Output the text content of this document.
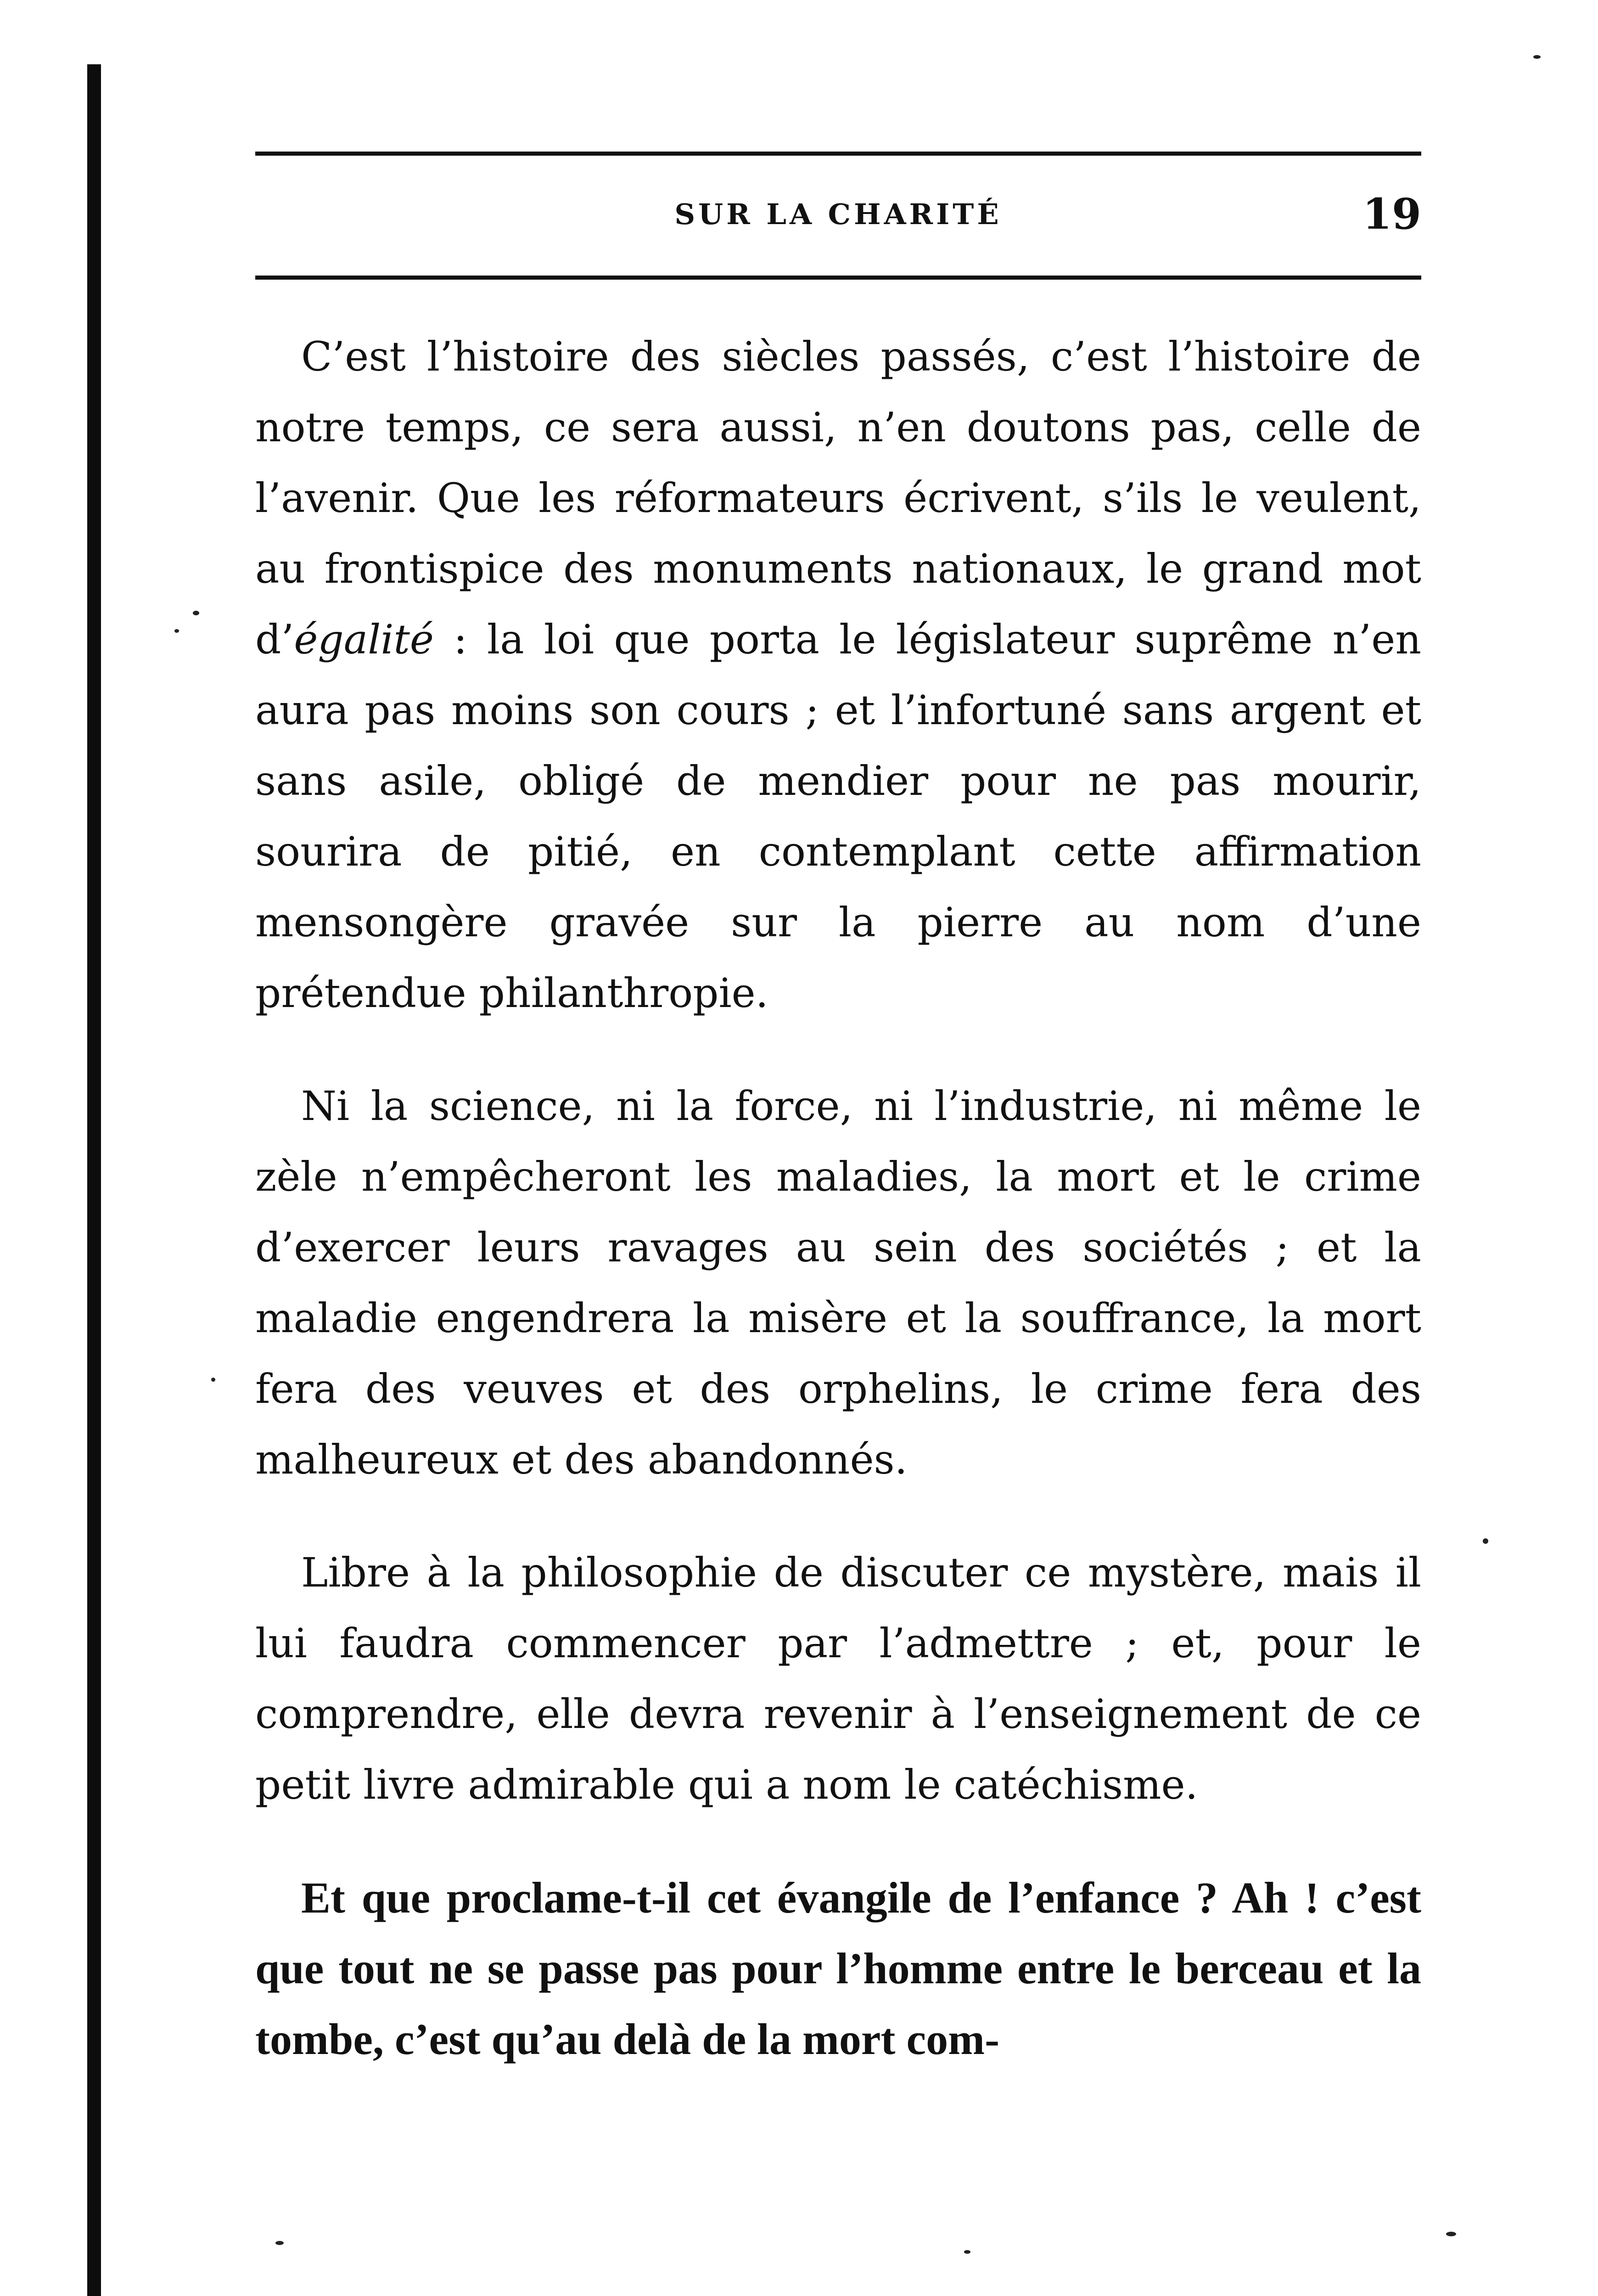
SUR LA CHARITÉ	19

C’est l’histoire des siècles passés, c’est l’histoire de notre temps, ce sera aussi, n’en doutons pas, celle de l’avenir. Que les réformateurs écrivent, s’ils le veulent, au frontispice des monuments nationaux, le grand mot d’égalité : la loi que porta le législateur suprême n’en aura pas moins son cours ; et l’infortuné sans argent et sans asile, obligé de mendier pour ne pas mourir, sourira de pitié, en contemplant cette affirmation mensongère gravée sur la pierre au nom d’une prétendue philanthropie.

Ni la science, ni la force, ni l’industrie, ni même le zèle n’empêcheront les maladies, la mort et le crime d’exercer leurs ravages au sein des sociétés ; et la maladie engendrera la misère et la souffrance, la mort fera des veuves et des orphelins, le crime fera des malheureux et des abandonnés.

Libre à la philosophie de discuter ce mystère, mais il lui faudra commencer par l’admettre ; et, pour le comprendre, elle devra revenir à l’enseignement de ce petit livre admirable qui a nom le catéchisme.

Et que proclame-t-il cet évangile de l’enfance ? Ah ! c’est que tout ne se passe pas pour l’homme entre le berceau et la tombe, c’est qu’au delà de la mort com-
